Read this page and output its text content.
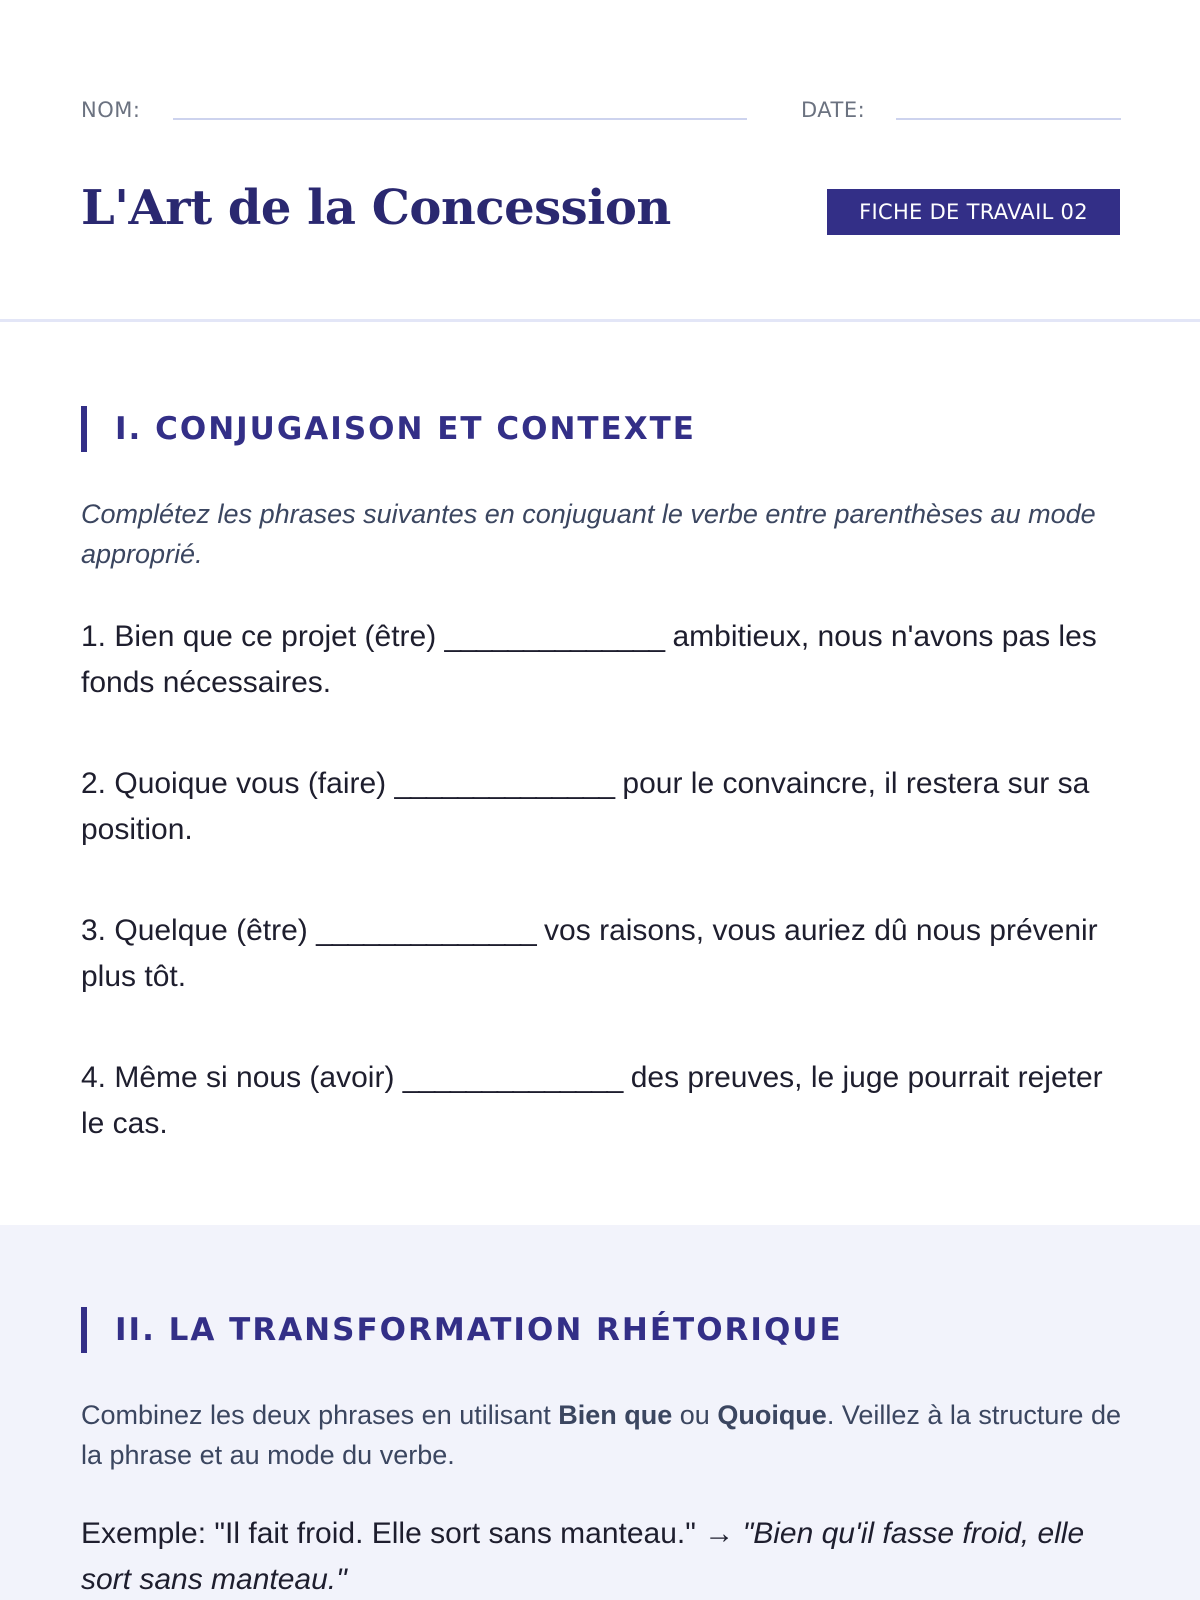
NOM:	DATE:
L'Art de la Concession	FICHE DE TRAVAIL 02
I. CONJUGAISON ET CONTEXTE

Complétez les phrases suivantes en conjuguant le verbe entre parenthèses au mode approprié.

1. Bien que ce projet (être) ______________ ambitieux, nous n'avons pas les fonds nécessaires.

2. Quoique vous (faire) ______________ pour le convaincre, il restera sur sa position.

3. Quelque (être) ______________ vos raisons, vous auriez dû nous prévenir plus tôt.

4. Même si nous (avoir) ______________ des preuves, le juge pourrait rejeter le cas.

II. LA TRANSFORMATION RHÉTORIQUE

Combinez les deux phrases en utilisant Bien que ou Quoique. Veillez à la structure de la phrase et au mode du verbe.

Exemple: "Il fait froid. Elle sort sans manteau." → "Bien qu'il fasse froid, elle sort sans manteau."
